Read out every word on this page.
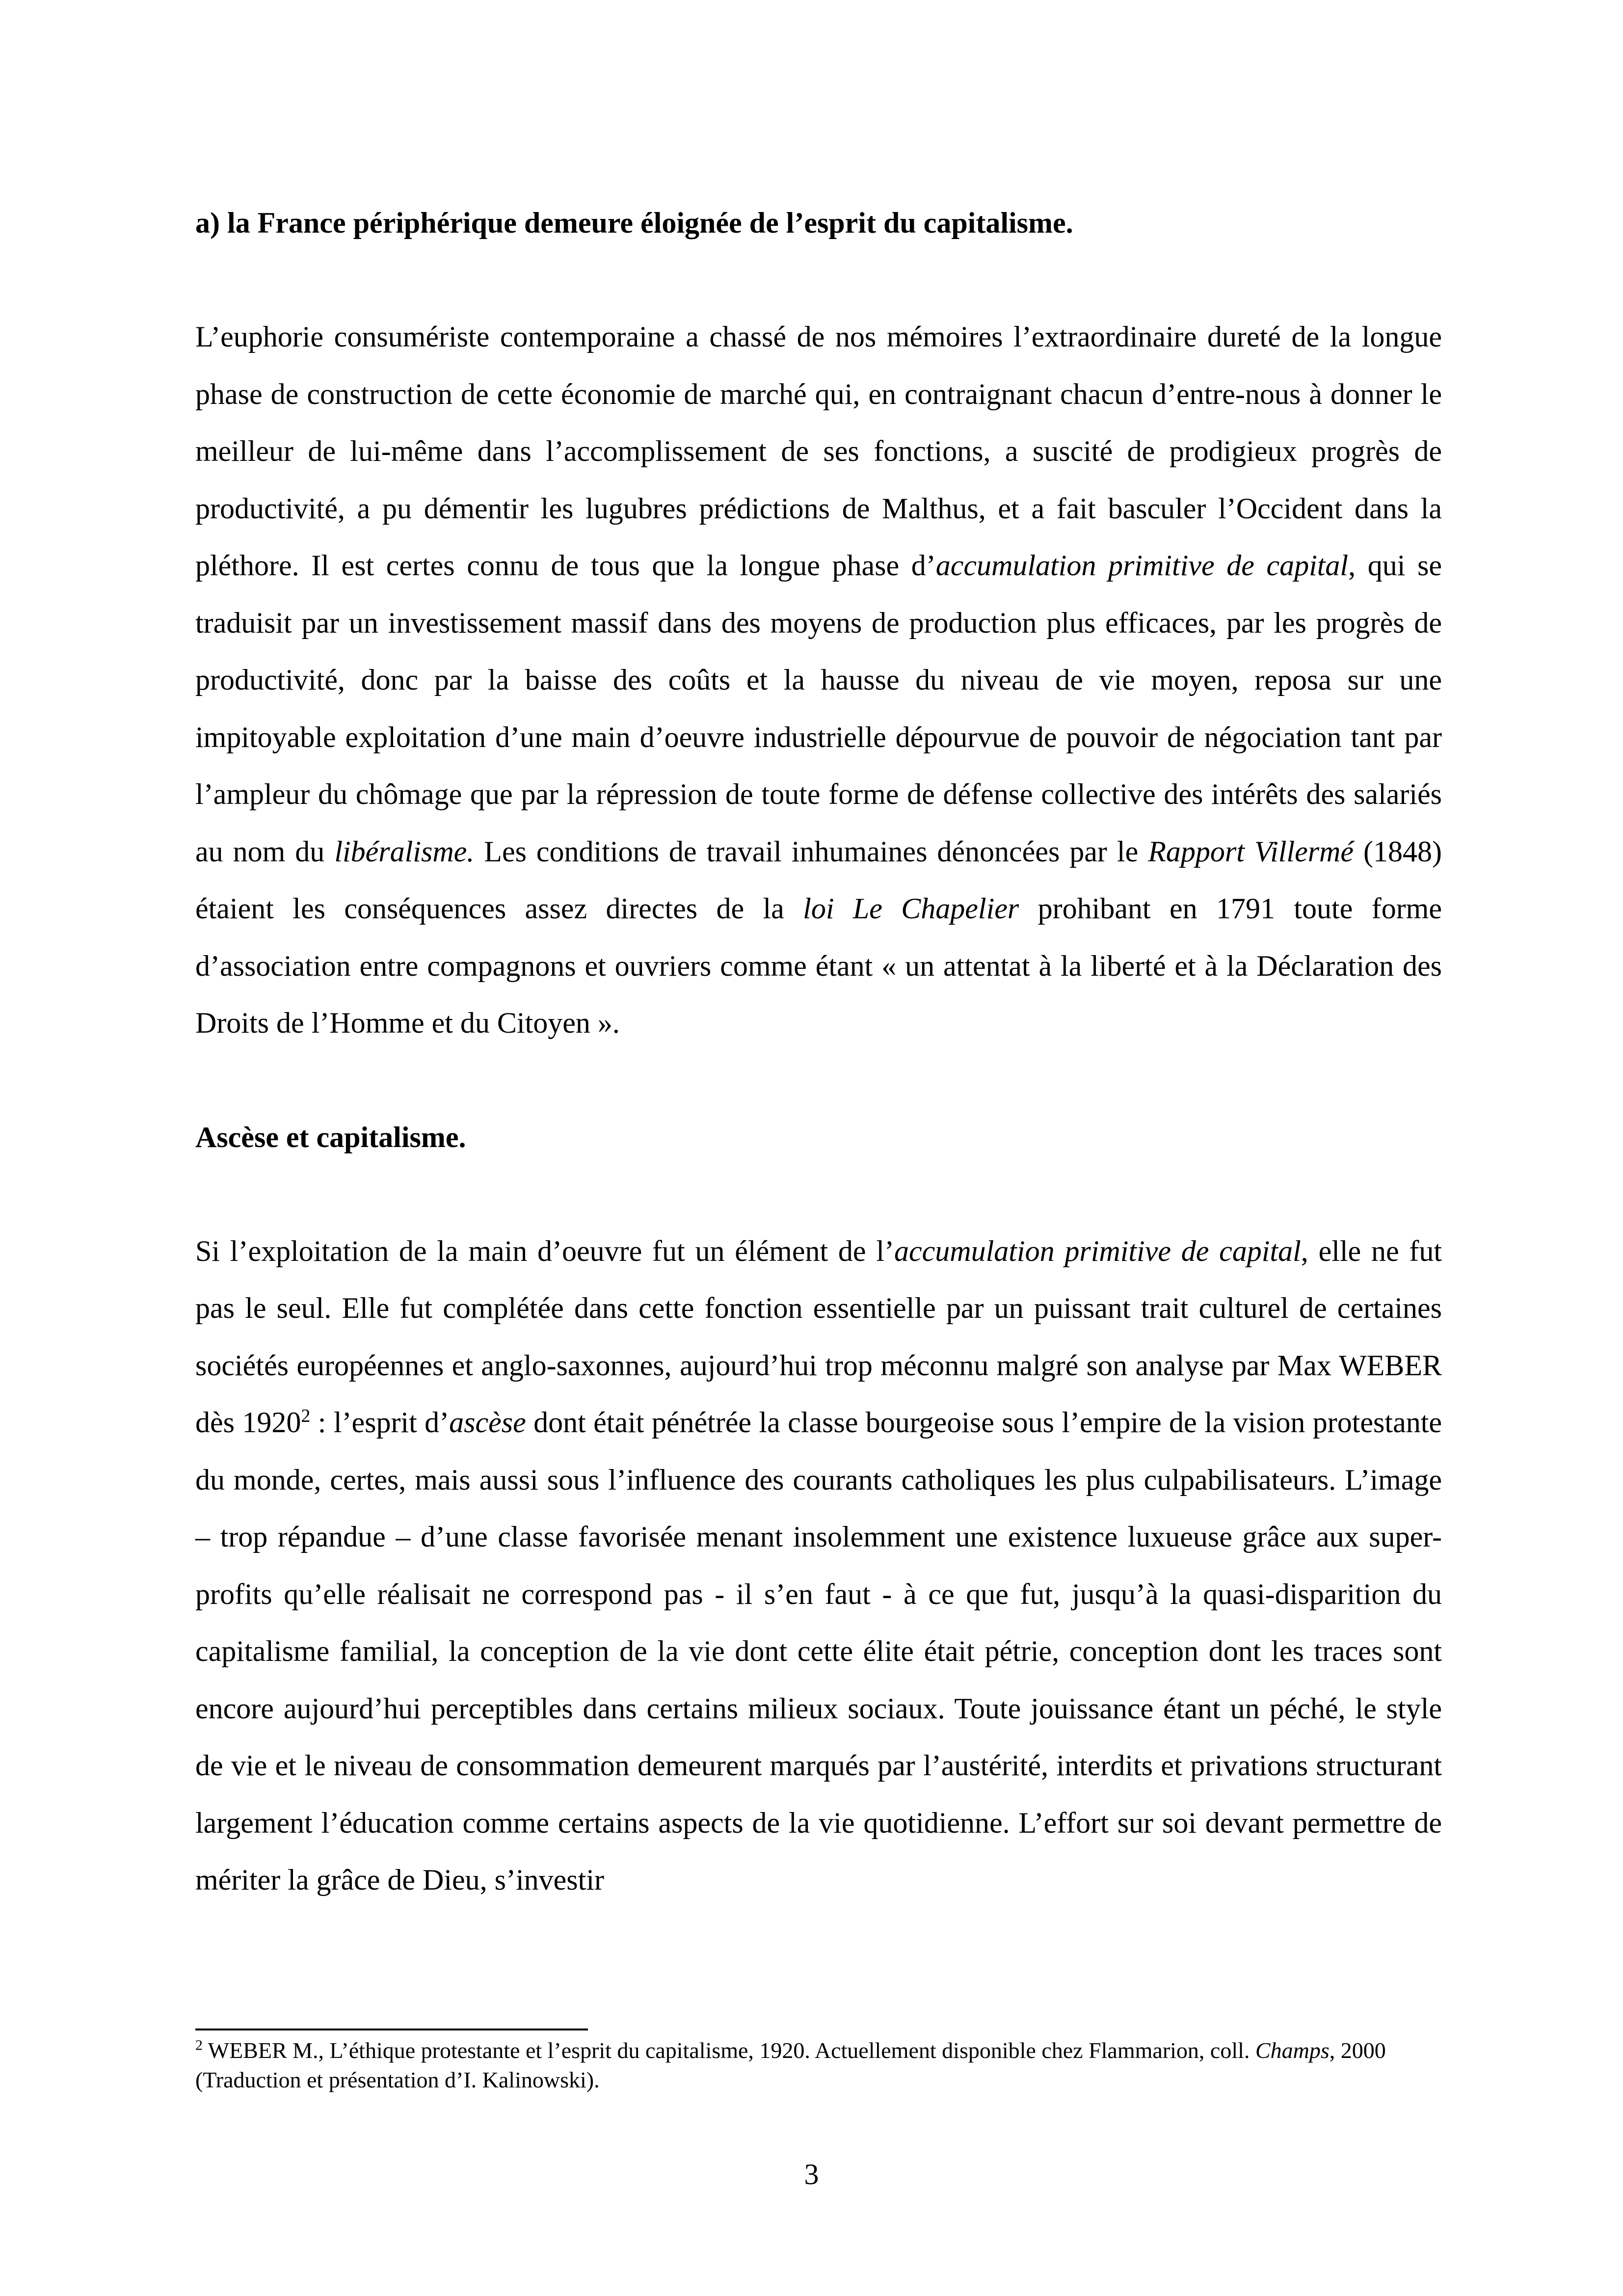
a) la France périphérique demeure éloignée de l’esprit du capitalisme.

L’euphorie consumériste contemporaine a chassé de nos mémoires l’extraordinaire dureté de la longue phase de construction de cette économie de marché qui, en contraignant chacun d’entre-nous à donner le meilleur de lui-même dans l’accomplissement de ses fonctions, a suscité de prodigieux progrès de productivité, a pu démentir les lugubres prédictions de Malthus, et a fait basculer l’Occident dans la pléthore. Il est certes connu de tous que la longue phase d’accumulation primitive de capital, qui se traduisit par un investissement massif dans des moyens de production plus efficaces, par les progrès de productivité, donc par la baisse des coûts et la hausse du niveau de vie moyen, reposa sur une impitoyable exploitation d’une main d’oeuvre industrielle dépourvue de pouvoir de négociation tant par l’ampleur du chômage que par la répression de toute forme de défense collective des intérêts des salariés au nom du libéralisme. Les conditions de travail inhumaines dénoncées par le Rapport Villermé (1848) étaient les conséquences assez directes de la loi Le Chapelier prohibant en 1791 toute forme d’association entre compagnons et ouvriers comme étant « un attentat à la liberté et à la Déclaration des Droits de l’Homme et du Citoyen ».

Ascèse et capitalisme.

Si l’exploitation de la main d’oeuvre fut un élément de l’accumulation primitive de capital, elle ne fut pas le seul. Elle fut complétée dans cette fonction essentielle par un puissant trait culturel de certaines sociétés européennes et anglo-saxonnes, aujourd’hui trop méconnu malgré son analyse par Max WEBER dès 1920$^2$ : l’esprit d’ascèse dont était pénétrée la classe bourgeoise sous l’empire de la vision protestante du monde, certes, mais aussi sous l’influence des courants catholiques les plus culpabilisateurs. L’image – trop répandue – d’une classe favorisée menant insolemment une existence luxueuse grâce aux super-profits qu’elle réalisait ne correspond pas - il s’en faut - à ce que fut, jusqu’à la quasi-disparition du capitalisme familial, la conception de la vie dont cette élite était pétrie, conception dont les traces sont encore aujourd’hui perceptibles dans certains milieux sociaux. Toute jouissance étant un péché, le style de vie et le niveau de consommation demeurent marqués par l’austérité, interdits et privations structurant largement l’éducation comme certains aspects de la vie quotidienne. L’effort sur soi devant permettre de mériter la grâce de Dieu, s’investir

$^2$ WEBER M., L’éthique protestante et l’esprit du capitalisme, 1920. Actuellement disponible chez Flammarion, coll. Champs, 2000 (Traduction et présentation d’I. Kalinowski).

3
